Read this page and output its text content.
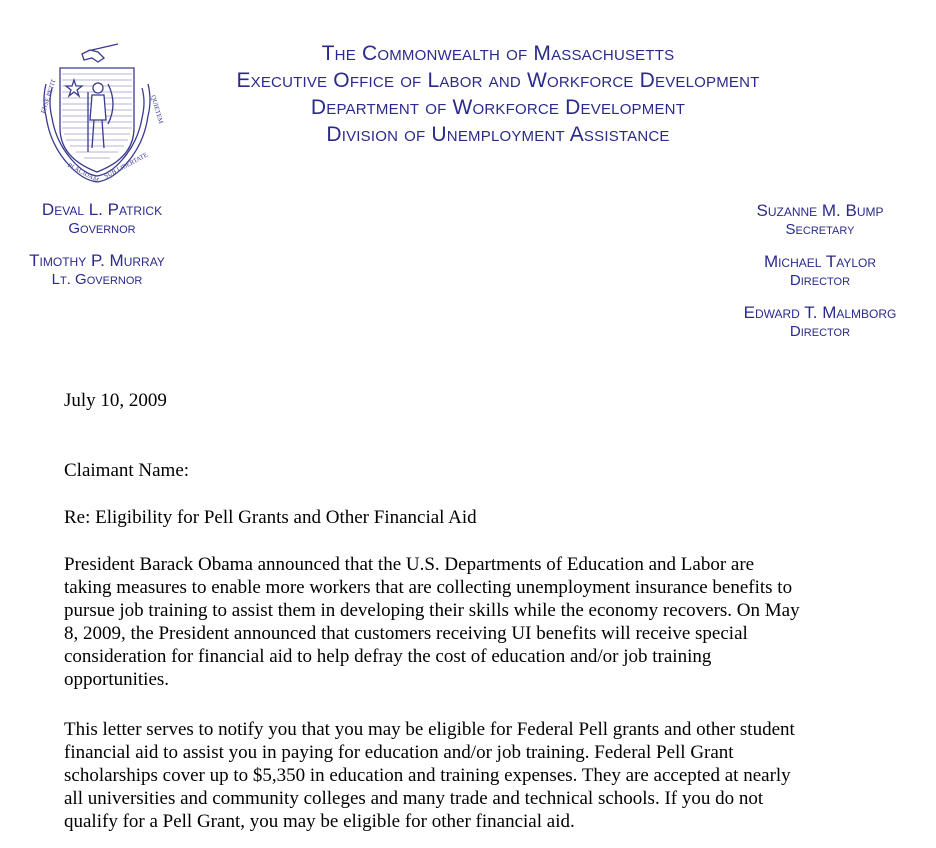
ENSE PETIT
PLACIDAM SUB LIBERTATE
QUIETEM
The Commonwealth of Massachusetts
Executive Office of Labor and Workforce Development
Department of Workforce Development
Division of Unemployment Assistance
Deval L. Patrick
Governor
Timothy P. Murray
Lt. Governor
Suzanne M. Bump
Secretary
Michael Taylor
Director
Edward T. Malmborg
Director
July 10, 2009
Claimant Name:
Re: Eligibility for Pell Grants and Other Financial Aid

President Barack Obama announced that the U.S. Departments of Education and Labor are

taking measures to enable more workers that are collecting unemployment insurance benefits to

pursue job training to assist them in developing their skills while the economy recovers. On May

8, 2009, the President announced that customers receiving UI benefits will receive special

consideration for financial aid to help defray the cost of education and/or job training

opportunities.

This letter serves to notify you that you may be eligible for Federal Pell grants and other student

financial aid to assist you in paying for education and/or job training. Federal Pell Grant

scholarships cover up to $5,350 in education and training expenses. They are accepted at nearly

all universities and community colleges and many trade and technical schools. If you do not

qualify for a Pell Grant, you may be eligible for other financial aid.
